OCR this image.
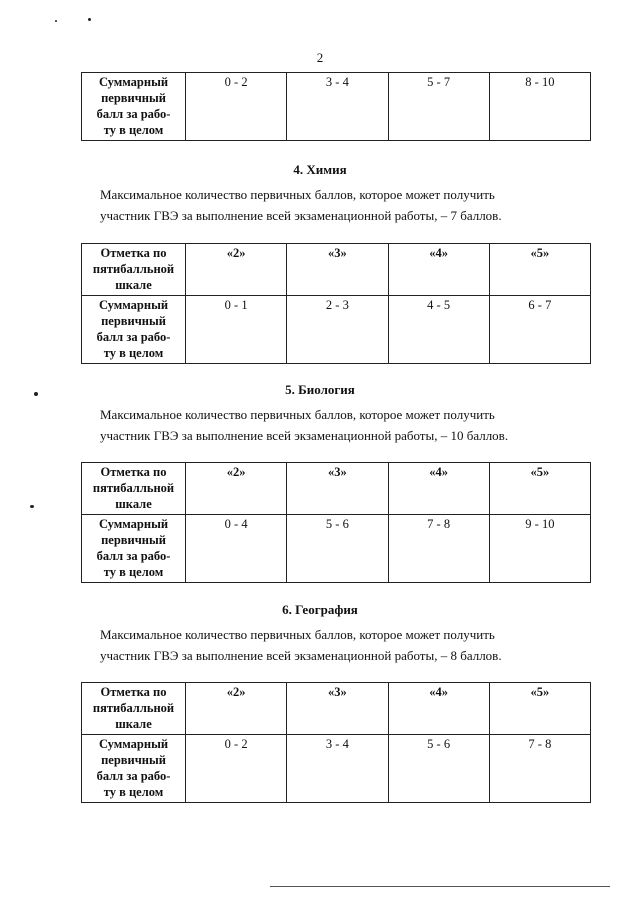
2
Суммарный
первичный
балл за рабо-
ту в целом
	0 - 2	3 - 4	5 - 7	8 - 10
4. Химия
Максимальное количество первичных баллов, которое может получить
участник ГВЭ за выполнение всей экзаменационной работы, – 7 баллов.
Отметка по
пятибалльной
шкале	«2»	«3»	«4»	«5»

Суммарный
первичный
балл за рабо-
ту в целом	0 - 1	2 - 3	4 - 5	6 - 7
5. Биология
Максимальное количество первичных баллов, которое может получить
участник ГВЭ за выполнение всей экзаменационной работы, – 10 баллов.
Отметка по
пятибалльной
шкале	«2»	«3»	«4»	«5»

Суммарный
первичный
балл за рабо-
ту в целом	0 - 4	5 - 6	7 - 8	9 - 10
6. География
Максимальное количество первичных баллов, которое может получить
участник ГВЭ за выполнение всей экзаменационной работы, – 8 баллов.
Отметка по
пятибалльной
шкале	«2»	«3»	«4»	«5»

Суммарный
первичный
балл за рабо-
ту в целом	0 - 2	3 - 4	5 - 6	7 - 8
